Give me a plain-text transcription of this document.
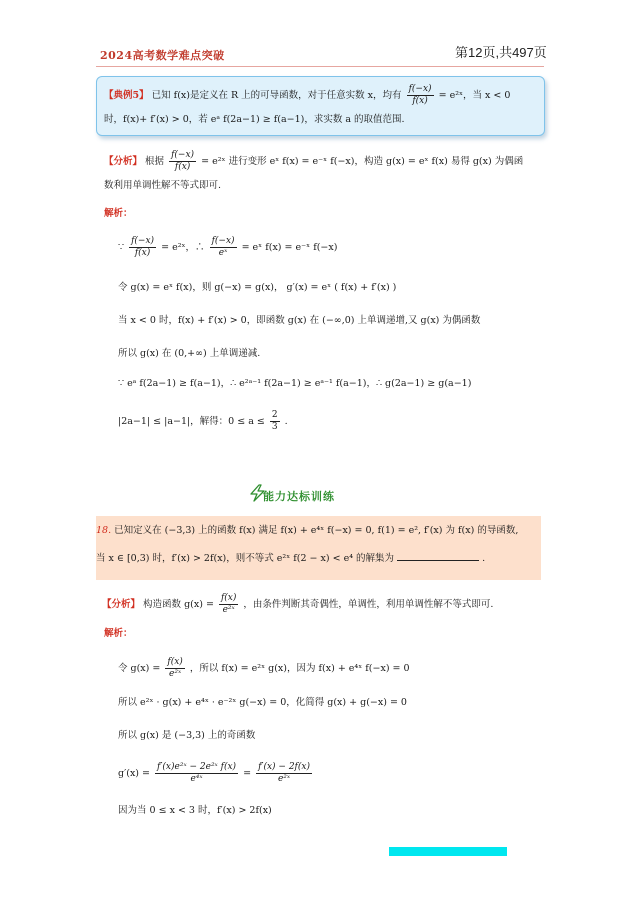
2024高考数学难点突破	第12页,共497页
【典例5】 已知 f(x)是定义在 R 上的可导函数，对于任意实数 x，均有 $\frac{f(-x)}{f(x)}$ = e²ˣ，当 x < 0
时，f(x)+ f′(x) > 0，若 eᵃ f(2a−1) ≥ f(a−1)，求实数 a 的取值范围.
【分析】 根据 $\frac{f(-x)}{f(x)}$ = e²ˣ 进行变形 eˣ f(x) = e⁻ˣ f(−x)，构造 g(x) = eˣ f(x) 易得 g(x) 为偶函
数利用单调性解不等式即可.
解析：
∵ $\frac{f(-x)}{f(x)}$ = e²ˣ，∴ $\frac{f(-x)}{\text{eˣ}}$ = eˣ f(x) = e⁻ˣ f(−x)
令 g(x) = eˣ f(x)，则 g(−x) = g(x)， g′(x) = eˣ ( f(x) + f′(x) )
当 x < 0 时，f(x) + f′(x) > 0，即函数 g(x) 在 (−∞,0) 上单调递增,又 g(x) 为偶函数
所以 g(x) 在 (0,+∞) 上单调递减.
∵ eᵃ f(2a−1) ≥ f(a−1)，∴ e²ᵃ⁻¹ f(2a−1) ≥ eᵃ⁻¹ f(a−1)，∴ g(2a−1) ≥ g(a−1)
|2a−1| ≤ |a−1|，解得：$0 \le a \le \frac{2}{3}$ .
能力达标训练
18. 已知定义在 (−3,3) 上的函数 f(x) 满足 f(x) + e⁴ˣ f(−x) = 0, f(1) = e², f′(x) 为 f(x) 的导函数,
当 x ∈ [0,3) 时，f′(x) > 2f(x)，则不等式 e²ˣ f(2 − x) < e⁴ 的解集为	.
【分析】 构造函数 $g(x) = \frac{f(x)}{\text{e²ˣ}}$ ，由条件判断其奇偶性，单调性，利用单调性解不等式即可.
解析：
令 $g(x) = \frac{f(x)}{\text{e²ˣ}}$ ，所以 f(x) = e²ˣ g(x)，因为 f(x) + e⁴ˣ f(−x) = 0
所以 e²ˣ · g(x) + e⁴ˣ · e⁻²ˣ g(−x) = 0，化简得 g(x) + g(−x) = 0
所以 g(x) 是 (−3,3) 上的奇函数
$g'(x) = \frac{\text{f′(x)e²ˣ − 2e²ˣ f(x)}}{\text{e⁴ˣ}} = \frac{f'(x) - 2f(x)}{\text{e²ˣ}}$
因为当 0 ≤ x < 3 时，f′(x) > 2f(x)
